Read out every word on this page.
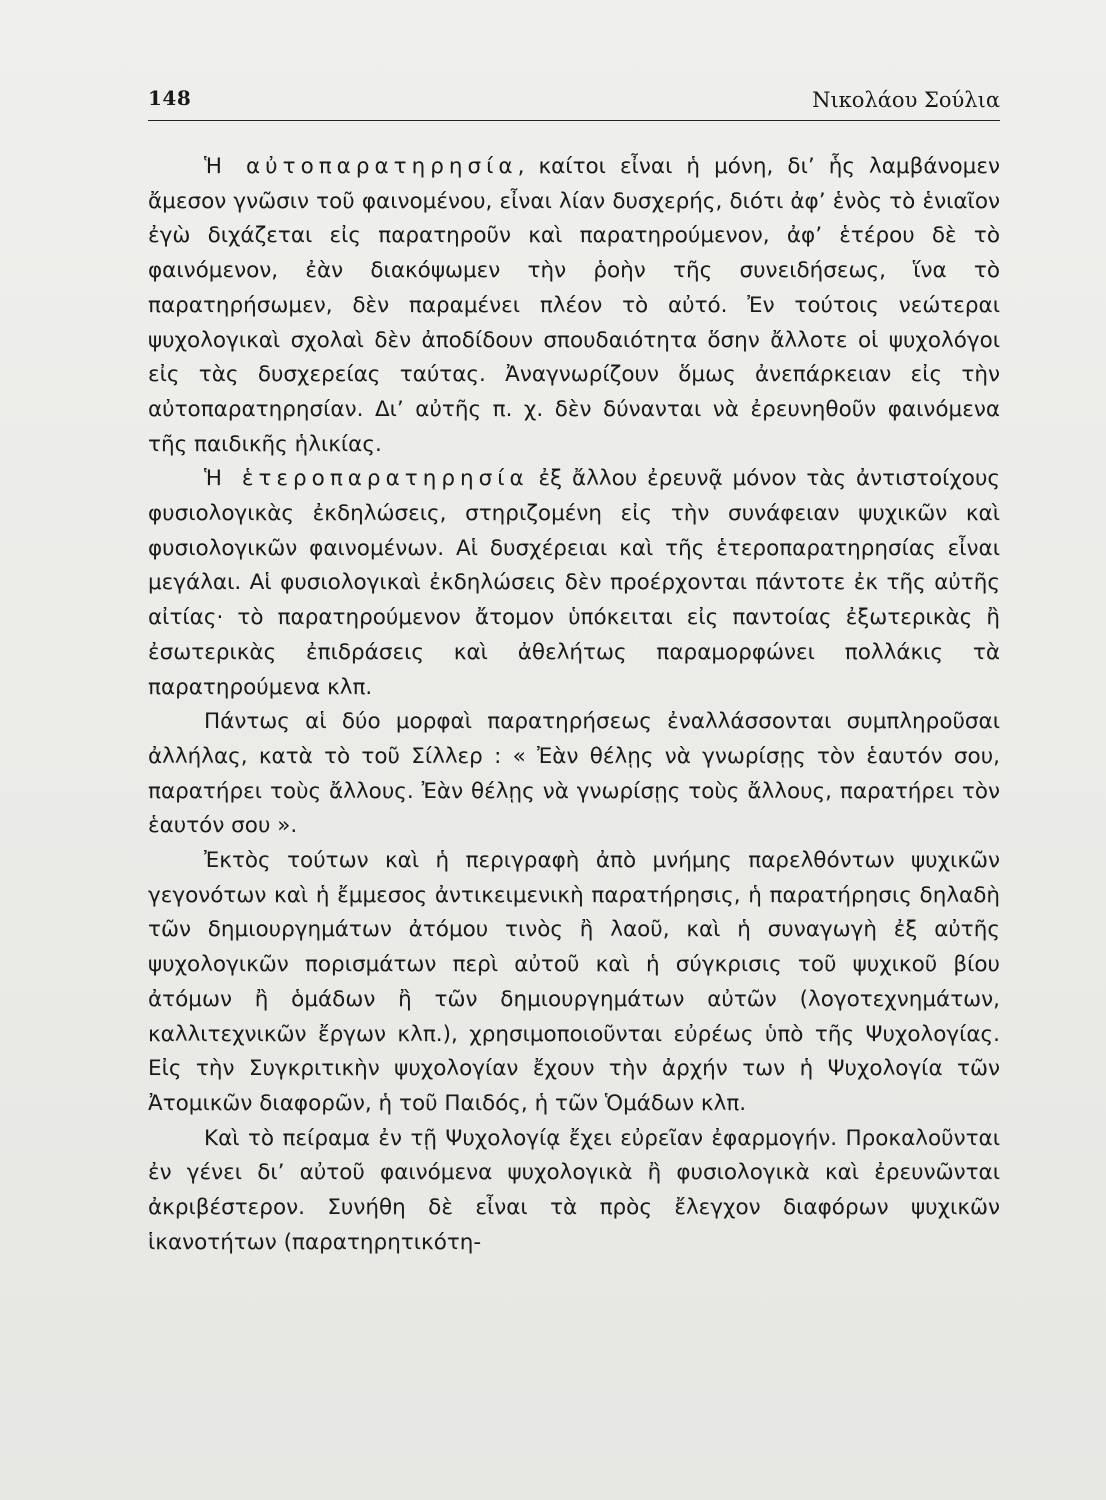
148	Νικολάου Σούλια

Ἡ αὐτοπαρατηρησία, καίτοι εἶναι ἡ μόνη, δι’ ἧς λαμβάνομεν ἄμεσον γνῶσιν τοῦ φαινομένου, εἶναι λίαν δυσχερής, διότι ἀφ’ ἑνὸς τὸ ἑνιαῖον ἐγὼ διχάζεται εἰς παρατηροῦν καὶ παρατηρούμενον, ἀφ’ ἑτέρου δὲ τὸ φαινόμενον, ἐὰν διακόψωμεν τὴν ῥοὴν τῆς συνειδήσεως, ἵνα τὸ παρατηρήσωμεν, δὲν παραμένει πλέον τὸ αὐτό. Ἐν τούτοις νεώτεραι ψυχολογικαὶ σχολαὶ δὲν ἀποδίδουν σπουδαιότητα ὅσην ἄλλοτε οἱ ψυχολόγοι εἰς τὰς δυσχερείας ταύτας. Ἀναγνωρίζουν ὅμως ἀνεπάρκειαν εἰς τὴν αὐτοπαρατηρησίαν. Δι’ αὐτῆς π. χ. δὲν δύνανται νὰ ἐρευνηθοῦν φαινόμενα τῆς παιδικῆς ἡλικίας.

Ἡ ἑτεροπαρατηρησία ἐξ ἄλλου ἐρευνᾷ μόνον τὰς ἀντιστοίχους φυσιολογικὰς ἐκδηλώσεις, στηριζομένη εἰς τὴν συνάφειαν ψυχικῶν καὶ φυσιολογικῶν φαινομένων. Αἱ δυσχέρειαι καὶ τῆς ἑτεροπαρατηρησίας εἶναι μεγάλαι. Αἱ φυσιολογικαὶ ἐκδηλώσεις δὲν προέρχονται πάντοτε ἐκ τῆς αὐτῆς αἰτίας· τὸ παρατηρούμενον ἄτομον ὑπόκειται εἰς παντοίας ἐξωτερικὰς ἢ ἐσωτερικὰς ἐπιδράσεις καὶ ἀθελήτως παραμορφώνει πολλάκις τὰ παρατηρούμενα κλπ.

Πάντως αἱ δύο μορφαὶ παρατηρήσεως ἐναλλάσσονται συμπληροῦσαι ἀλλήλας, κατὰ τὸ τοῦ Σίλλερ : « Ἐὰν θέλῃς νὰ γνωρίσῃς τὸν ἑαυτόν σου, παρατήρει τοὺς ἄλλους. Ἐὰν θέλῃς νὰ γνωρίσῃς τοὺς ἄλλους, παρατήρει τὸν ἑαυτόν σου ».

Ἐκτὸς τούτων καὶ ἡ περιγραφὴ ἀπὸ μνήμης παρελθόντων ψυχικῶν γεγονότων καὶ ἡ ἔμμεσος ἀντικειμενικὴ παρατήρησις, ἡ παρατήρησις δηλαδὴ τῶν δημιουργημάτων ἀτόμου τινὸς ἢ λαοῦ, καὶ ἡ συναγωγὴ ἐξ αὐτῆς ψυχολογικῶν πορισμάτων περὶ αὐτοῦ καὶ ἡ σύγκρισις τοῦ ψυχικοῦ βίου ἀτόμων ἢ ὁμάδων ἢ τῶν δημιουργημάτων αὐτῶν (λογοτεχνημάτων, καλλιτεχνικῶν ἔργων κλπ.), χρησιμοποιοῦνται εὐρέως ὑπὸ τῆς Ψυχολογίας. Εἰς τὴν Συγκριτικὴν ψυχολογίαν ἔχουν τὴν ἀρχήν των ἡ Ψυχολογία τῶν Ἀτομικῶν διαφορῶν, ἡ τοῦ Παιδός, ἡ τῶν Ὁμάδων κλπ.

Καὶ τὸ πείραμα ἐν τῇ Ψυχολογίᾳ ἔχει εὐρεῖαν ἐφαρμογήν. Προκαλοῦνται ἐν γένει δι’ αὐτοῦ φαινόμενα ψυχολογικὰ ἢ φυσιολογικὰ καὶ ἐρευνῶνται ἀκριβέστερον. Συνήθη δὲ εἶναι τὰ πρὸς ἔλεγχον διαφόρων ψυχικῶν ἱκανοτήτων (παρατηρητικότη-
